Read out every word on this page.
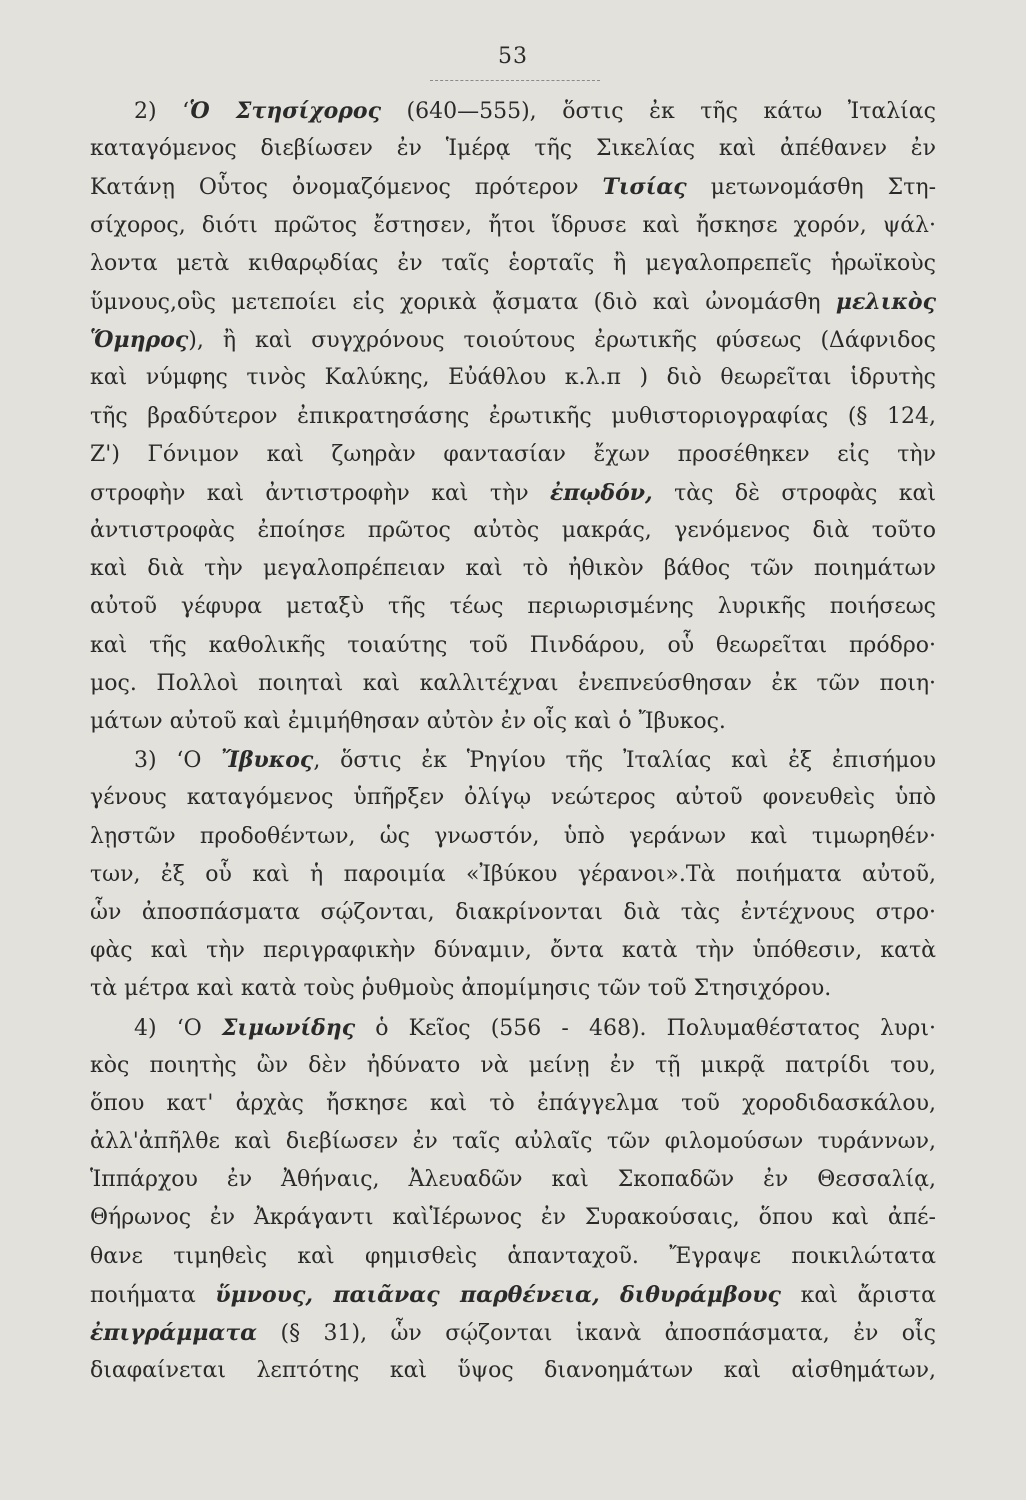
53
2) ‘Ὁ Στησίχορος (640—555), ὅστις ἐκ τῆς κάτω Ἰταλίας
καταγόμενος διεβίωσεν ἐν Ἱμέρᾳ τῆς Σικελίας καὶ ἀπέθανεν ἐν
Κατάνῃ Οὗτος ὀνομαζόμενος πρότερον Τισίας μετωνομάσθη Στη-
σίχορος, διότι πρῶτος ἔστησεν, ἤτοι ἵδρυσε καὶ ἤσκησε χορόν, ψάλ·
λοντα μετὰ κιθαρῳδίας ἐν ταῖς ἑορταῖς ἢ μεγαλοπρεπεῖς ἡρωϊκοὺς
ὕμνους,οὓς μετεποίει εἰς χορικὰ ᾄσματα (διὸ καὶ ὠνομάσθη μελικὸς
Ὅμηρος), ἢ καὶ συγχρόνους τοιούτους ἐρωτικῆς φύσεως (Δάφνιδος
καὶ νύμφης τινὸς Καλύκης, Εὐάθλου κ.λ.π ) διὸ θεωρεῖται ἱδρυτὴς
τῆς βραδύτερον ἐπικρατησάσης ἐρωτικῆς μυθιστοριογραφίας (§ 124,
Ζ') Γόνιμον καὶ ζωηρὰν φαντασίαν ἔχων προσέθηκεν εἰς τὴν
στροφὴν καὶ ἀντιστροφὴν καὶ τὴν ἐπῳδόν, τὰς δὲ στροφὰς καὶ
ἀντιστροφὰς ἐποίησε πρῶτος αὐτὸς μακράς, γενόμενος διὰ τοῦτο
καὶ διὰ τὴν μεγαλοπρέπειαν καὶ τὸ ἠθικὸν βάθος τῶν ποιημάτων
αὐτοῦ γέφυρα μεταξὺ τῆς τέως περιωρισμένης λυρικῆς ποιήσεως
καὶ τῆς καθολικῆς τοιαύτης τοῦ Πινδάρου, οὗ θεωρεῖται πρόδρο·
μος. Πολλοὶ ποιηταὶ καὶ καλλιτέχναι ἐνεπνεύσθησαν ἐκ τῶν ποιη·
μάτων αὐτοῦ καὶ ἐμιμήθησαν αὐτὸν ἐν οἷς καὶ ὁ Ἴβυκος.
3) ‘Ο Ἴβυκος, ὅστις ἐκ Ῥηγίου τῆς Ἰταλίας καὶ ἐξ ἐπισήμου
γένους καταγόμενος ὑπῆρξεν ὀλίγῳ νεώτερος αὐτοῦ φονευθεὶς ὑπὸ
λῃστῶν προδοθέντων, ὡς γνωστόν, ὑπὸ γεράνων καὶ τιμωρηθέν·
των, ἐξ οὗ καὶ ἡ παροιμία «Ἰβύκου γέρανοι».Τὰ ποιήματα αὐτοῦ,
ὧν ἀποσπάσματα σῴζονται, διακρίνονται διὰ τὰς ἐντέχνους στρο·
φὰς καὶ τὴν περιγραφικὴν δύναμιν, ὄντα κατὰ τὴν ὑπόθεσιν, κατὰ
τὰ μέτρα καὶ κατὰ τοὺς ῥυθμοὺς ἀπομίμησις τῶν τοῦ Στησιχόρου.
4) ‘Ο Σιμωνίδης ὁ Κεῖος (556 - 468). Πολυμαθέστατος λυρι·
κὸς ποιητὴς ὢν δὲν ἠδύνατο νὰ μείνῃ ἐν τῇ μικρᾷ πατρίδι του,
ὅπου κατ' ἀρχὰς ἤσκησε καὶ τὸ ἐπάγγελμα τοῦ χοροδιδασκάλου,
ἀλλ'ἀπῆλθε καὶ διεβίωσεν ἐν ταῖς αὐλαῖς τῶν φιλομούσων τυράννων,
Ἱππάρχου ἐν Ἀθήναις, Ἀλευαδῶν καὶ Σκοπαδῶν ἐν Θεσσαλίᾳ,
Θήρωνος ἐν Ἀκράγαντι καὶἹέρωνος ἐν Συρακούσαις, ὅπου καὶ ἀπέ-
θανε τιμηθεὶς καὶ φημισθεὶς ἁπανταχοῦ. Ἔγραψε ποικιλώτατα
ποιήματα ὕμνους, παιᾶνας παρθένεια, διθυράμβους καὶ ἄριστα
ἐπιγράμματα (§ 31), ὧν σῴζονται ἱκανὰ ἀποσπάσματα, ἐν οἷς
διαφαίνεται λεπτότης καὶ ὕψος διανοημάτων καὶ αἰσθημάτων,
